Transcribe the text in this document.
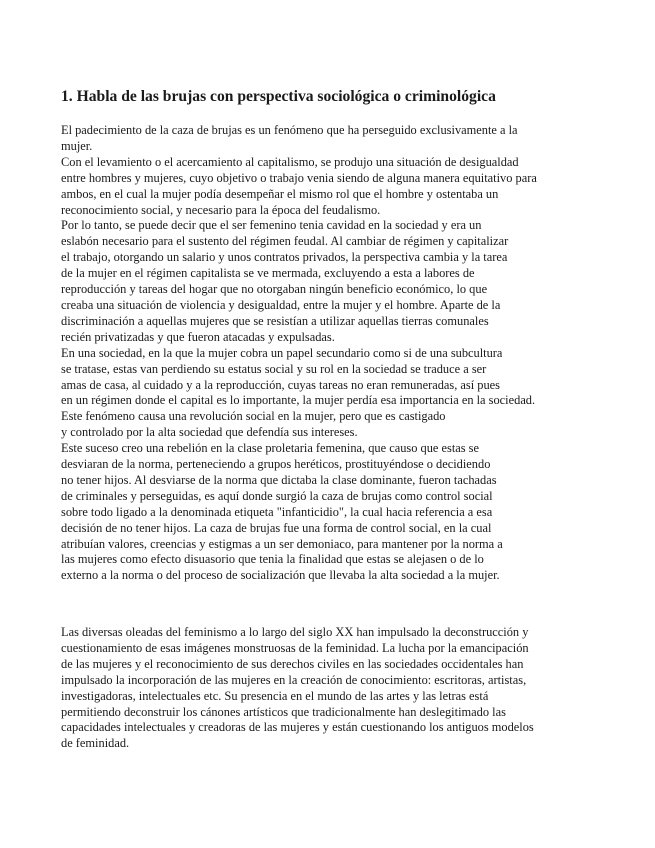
1. Habla de las brujas con perspectiva sociológica o criminológica
El padecimiento de la caza de brujas es un fenómeno que ha perseguido exclusivamente a la
mujer.
Con el levamiento o el acercamiento al capitalismo, se produjo una situación de desigualdad
entre hombres y mujeres, cuyo objetivo o trabajo venia siendo de alguna manera equitativo para
ambos, en el cual la mujer podía desempeñar el mismo rol que el hombre y ostentaba un
reconocimiento social, y necesario para la época del feudalismo.
Por lo tanto, se puede decir que el ser femenino tenia cavidad en la sociedad y era un
eslabón necesario para el sustento del régimen feudal. Al cambiar de régimen y capitalizar
el trabajo, otorgando un salario y unos contratos privados, la perspectiva cambia y la tarea
de la mujer en el régimen capitalista se ve mermada, excluyendo a esta a labores de
reproducción y tareas del hogar que no otorgaban ningún beneficio económico, lo que
creaba una situación de violencia y desigualdad, entre la mujer y el hombre. Aparte de la
discriminación a aquellas mujeres que se resistían a utilizar aquellas tierras comunales
recién privatizadas y que fueron atacadas y expulsadas.
En una sociedad, en la que la mujer cobra un papel secundario como si de una subcultura
se tratase, estas van perdiendo su estatus social y su rol en la sociedad se traduce a ser
amas de casa, al cuidado y a la reproducción, cuyas tareas no eran remuneradas, así pues
en un régimen donde el capital es lo importante, la mujer perdía esa importancia en la sociedad.
Este fenómeno causa una revolución social en la mujer, pero que es castigado
y controlado por la alta sociedad que defendía sus intereses.
Este suceso creo una rebelión en la clase proletaria femenina, que causo que estas se
desviaran de la norma, perteneciendo a grupos heréticos, prostituyéndose o decidiendo
no tener hijos. Al desviarse de la norma que dictaba la clase dominante, fueron tachadas
de criminales y perseguidas, es aquí donde surgió la caza de brujas como control social
sobre todo ligado a la denominada etiqueta "infanticidio", la cual hacia referencia a esa
decisión de no tener hijos. La caza de brujas fue una forma de control social, en la cual
atribuían valores, creencias y estigmas a un ser demoniaco, para mantener por la norma a
las mujeres como efecto disuasorio que tenia la finalidad que estas se alejasen o de lo
externo a la norma o del proceso de socialización que llevaba la alta sociedad a la mujer.
Las diversas oleadas del feminismo a lo largo del siglo XX han impulsado la deconstrucción y
cuestionamiento de esas imágenes monstruosas de la feminidad. La lucha por la emancipación
de las mujeres y el reconocimiento de sus derechos civiles en las sociedades occidentales han
impulsado la incorporación de las mujeres en la creación de conocimiento: escritoras, artistas,
investigadoras, intelectuales etc. Su presencia en el mundo de las artes y las letras está
permitiendo deconstruir los cánones artísticos que tradicionalmente han deslegitimado las
capacidades intelectuales y creadoras de las mujeres y están cuestionando los antiguos modelos
de feminidad.
